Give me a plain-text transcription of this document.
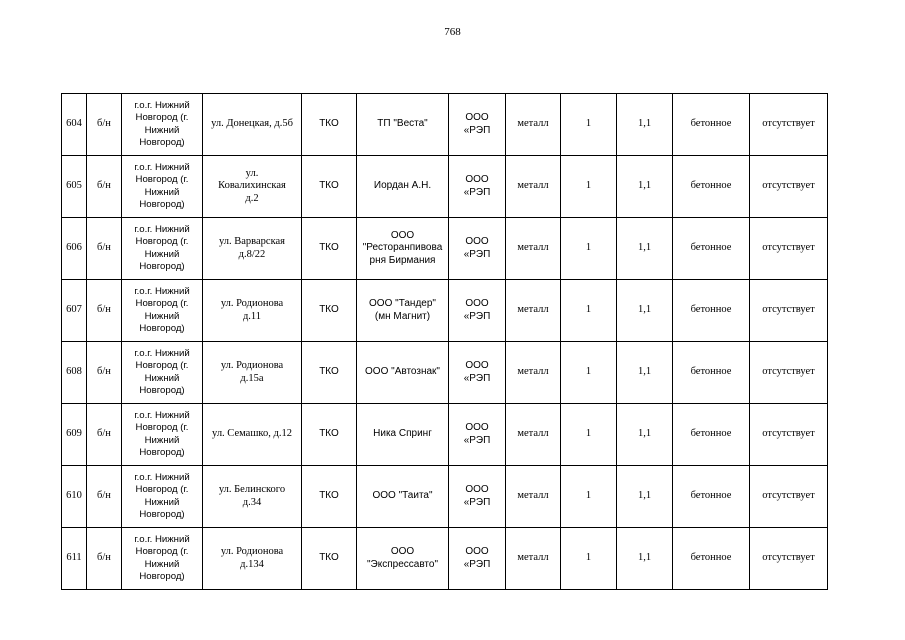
768
604	б/н	г.о.г. Нижний
Новгород (г.
Нижний
Новгород)	ул. Донецкая, д.5б	ТКО	ТП "Веста"	ООО
«РЭП	металл	1	1,1	бетонное	отсутствует
605	б/н	г.о.г. Нижний
Новгород (г.
Нижний
Новгород)	ул.
Ковалихинская
д.2	ТКО	Иордан А.Н.	ООО
«РЭП	металл	1	1,1	бетонное	отсутствует
606	б/н	г.о.г. Нижний
Новгород (г.
Нижний
Новгород)	ул. Варварская
д.8/22	ТКО	ООО
"Ресторанпивова
рня Бирмания	ООО
«РЭП	металл	1	1,1	бетонное	отсутствует
607	б/н	г.о.г. Нижний
Новгород (г.
Нижний
Новгород)	ул. Родионова
д.11	ТКО	ООО "Тандер"
(мн Магнит)	ООО
«РЭП	металл	1	1,1	бетонное	отсутствует
608	б/н	г.о.г. Нижний
Новгород (г.
Нижний
Новгород)	ул. Родионова
д.15а	ТКО	ООО "Автознак"	ООО
«РЭП	металл	1	1,1	бетонное	отсутствует
609	б/н	г.о.г. Нижний
Новгород (г.
Нижний
Новгород)	ул. Семашко, д.12	ТКО	Ника Спринг	ООО
«РЭП	металл	1	1,1	бетонное	отсутствует
610	б/н	г.о.г. Нижний
Новгород (г.
Нижний
Новгород)	ул. Белинского
д.34	ТКО	ООО "Таита"	ООО
«РЭП	металл	1	1,1	бетонное	отсутствует
611	б/н	г.о.г. Нижний
Новгород (г.
Нижний
Новгород)	ул. Родионова
д.134	ТКО	ООО
"Экспрессавто"	ООО
«РЭП	металл	1	1,1	бетонное	отсутствует
